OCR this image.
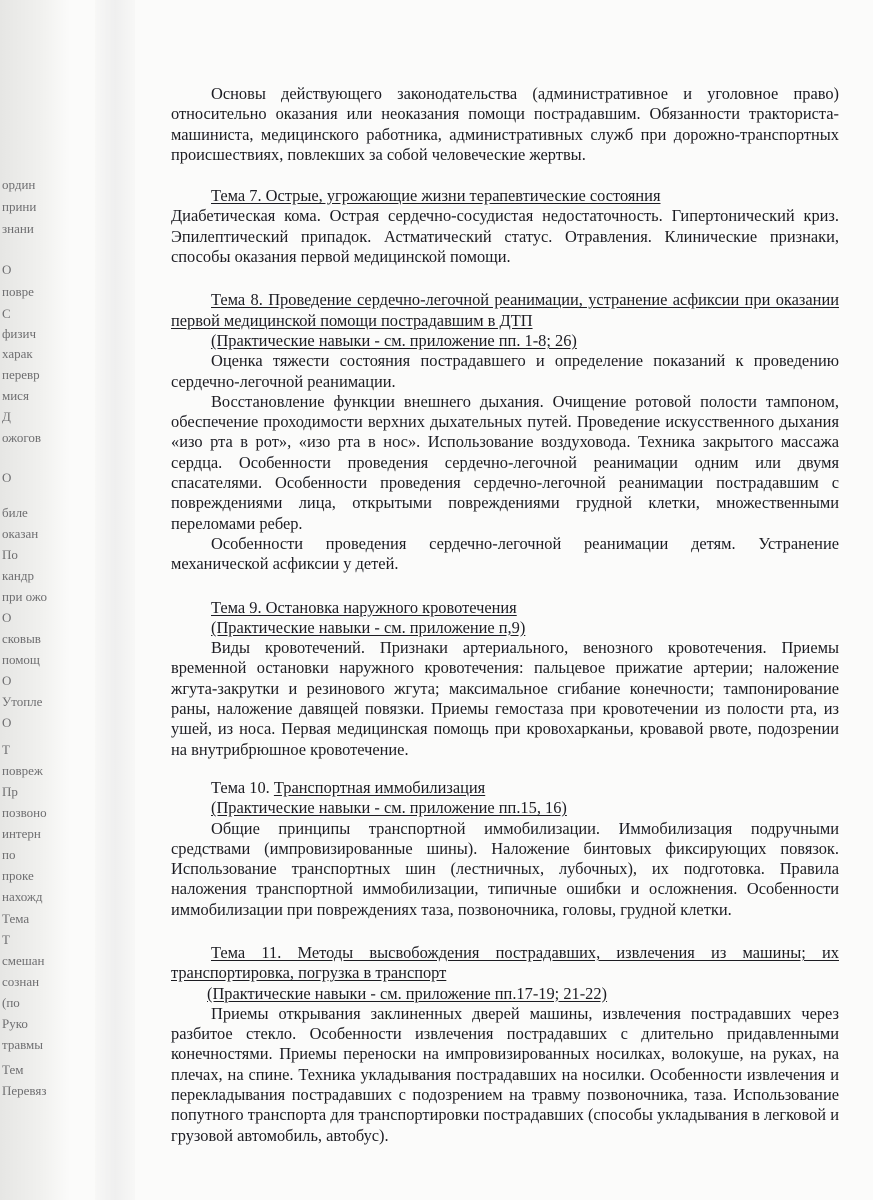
ордин
прини
знани
О
повре
С
физич
харак
перевр
мися
Д
ожогов
О
биле
оказан
По
кандр
при ожо
О
сковыв
помощ
О
Утопле
О
Т
повреж
Пр
позвоно
интерн
по
проке
нахожд
Тема
Т
смешан
сознан
(по
Руко
травмы
Тем
Перевяз

Основы действующего законодательства (административное и уголовное право) относительно оказания или неоказания помощи пострадавшим. Обязанности тракториста-машиниста, медицинского работника, административных служб при дорожно-транспортных происшествиях, повлекших за собой человеческие жертвы.

Тема 7. Острые, угрожающие жизни терапевтические состояния

Диабетическая кома. Острая сердечно-сосудистая недостаточность. Гипертонический криз. Эпилептический припадок. Астматический статус. Отравления. Клинические признаки, способы оказания первой медицинской помощи.

Тема 8. Проведение сердечно-легочной реанимации, устранение асфиксии при оказании первой медицинской помощи пострадавшим в ДТП

(Практические навыки - см. приложение пп. 1-8; 26)

Оценка тяжести состояния пострадавшего и определение показаний к проведению сердечно-легочной реанимации.

Восстановление функции внешнего дыхания. Очищение ротовой полости тампоном, обеспечение проходимости верхних дыхательных путей. Проведение искусственного дыхания «изо рта в рот», «изо рта в нос». Использование воздуховода. Техника закрытого массажа сердца. Особенности проведения сердечно-легочной реанимации одним или двумя спасателями. Особенности проведения сердечно-легочной реанимации пострадавшим с повреждениями лица, открытыми повреждениями грудной клетки, множественными переломами ребер.

Особенности проведения сердечно-легочной реанимации детям. Устранение механической асфиксии у детей.

Тема 9. Остановка наружного кровотечения

(Практические навыки - см. приложение п,9)

Виды кровотечений. Признаки артериального, венозного кровотечения. Приемы временной остановки наружного кровотечения: пальцевое прижатие артерии; наложение жгута-закрутки и резинового жгута; максимальное сгибание конечности; тампонирование раны, наложение давящей повязки. Приемы гемостаза при кровотечении из полости рта, из ушей, из носа. Первая медицинская помощь при кровохарканьи, кровавой рвоте, подозрении на внутрибрюшное кровотечение.

Тема 10. Транспортная иммобилизация

(Практические навыки - см. приложение пп.15, 16)

Общие принципы транспортной иммобилизации. Иммобилизация подручными средствами (импровизированные шины). Наложение бинтовых фиксирующих повязок. Использование транспортных шин (лестничных, лубочных), их подготовка. Правила наложения транспортной иммобилизации, типичные ошибки и осложнения. Особенности иммобилизации при повреждениях таза, позвоночника, головы, грудной клетки.

Тема 11. Методы высвобождения пострадавших, извлечения из машины; их транспортировка, погрузка в транспорт

(Практические навыки - см. приложение пп.17-19; 21-22)

Приемы открывания заклиненных дверей машины, извлечения пострадавших через разбитое стекло. Особенности извлечения пострадавших с длительно придавленными конечностями. Приемы переноски на импровизированных носилках, волокуше, на руках, на плечах, на спине. Техника укладывания пострадавших на носилки. Особенности извлечения и перекладывания пострадавших с подозрением на травму позвоночника, таза. Использование попутного транспорта для транспортировки пострадавших (способы укладывания в легковой и грузовой автомобиль, автобус).
